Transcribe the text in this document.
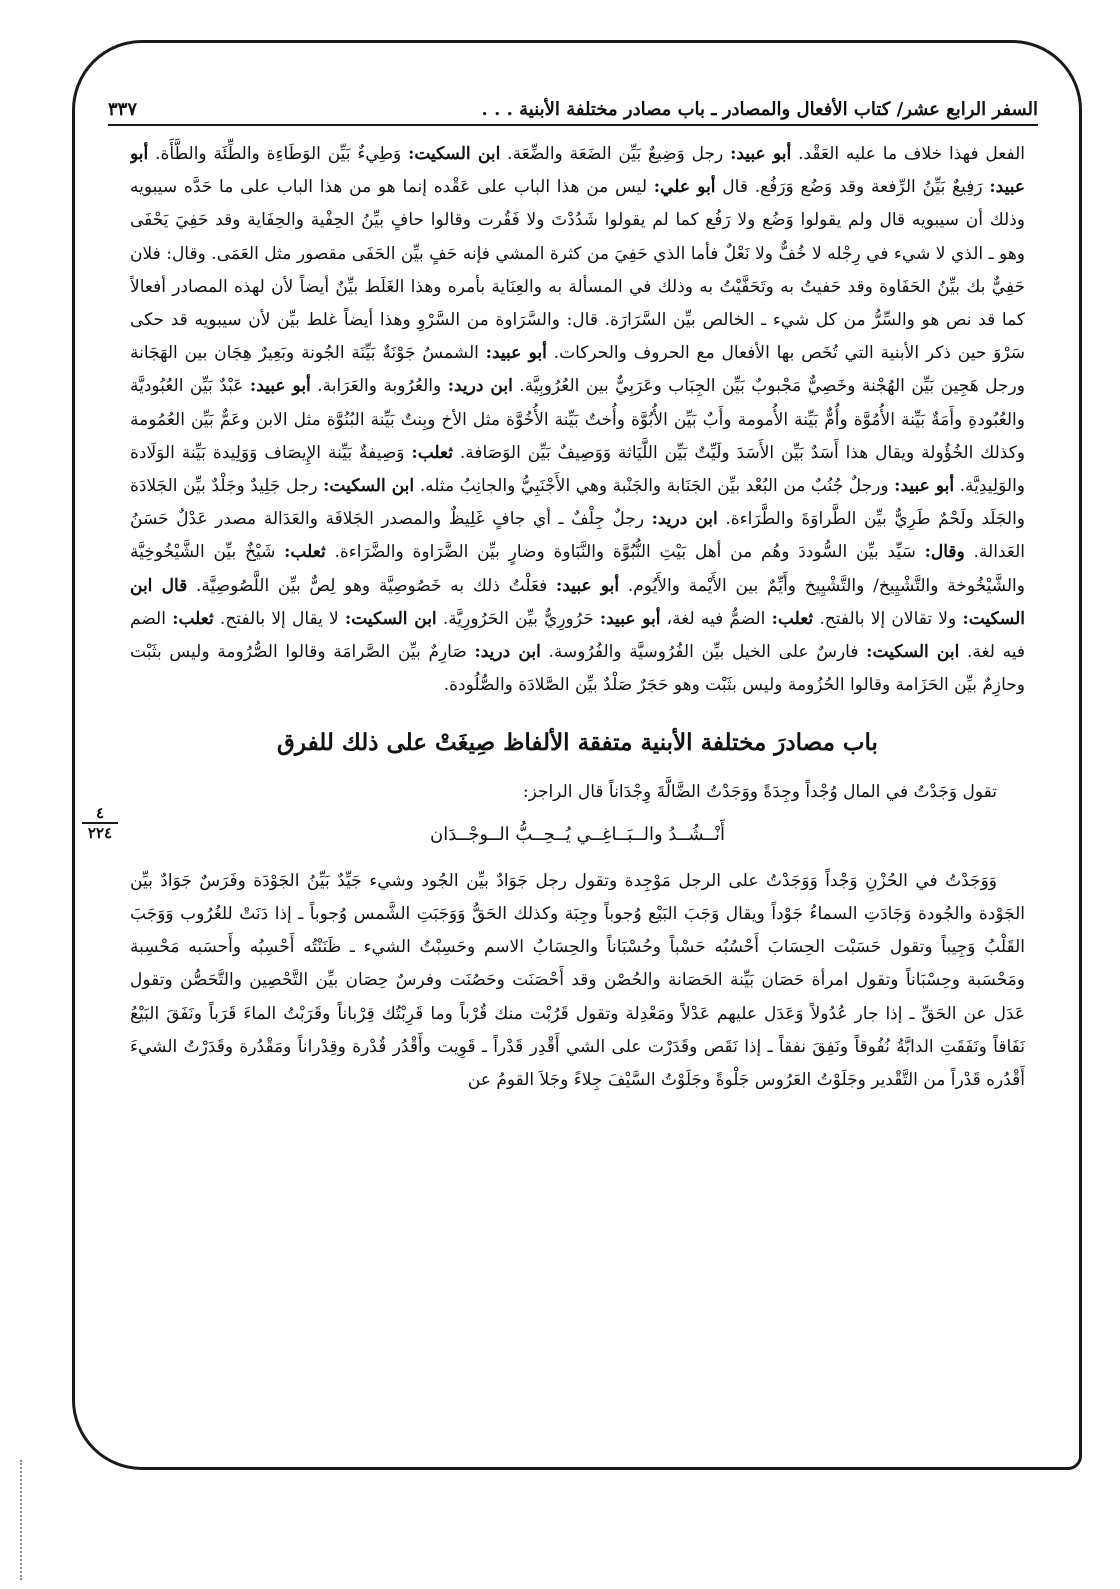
السفر الرابع عشر/ كتاب الأفعال والمصادر ـ باب مصادر مختلفة الأبنية . . .
٣٣٧
٤
٢٢٤

الفعل فهذا خلاف ما عليه العَقْد. أبو عبيد: رجل وَضِيعٌ بَيِّن الضَعَة والضِّعَة. ابن السكيت: وَطِيءٌ بَيِّن الوَطَاءِة والطِّئَة والطَّأَة. أبو عبيد: رَفِيعٌ بَيِّنُ الرِّفعة وقد وَضُع وَرَفُع. قال أبو علي: ليس من هذا الباب على عَقْده إنما هو من هذا الباب على ما حَدَّه سيبويه وذلك أن سيبويه قال ولم يقولوا وَضُع ولا رَفُع كما لم يقولوا شَدُدْتَ ولا فَقُرت وقالوا حافٍ بيِّنُ الحِفْية والحِفَاية وقد حَفِيَ يَحْفَى وهو ـ الذي لا شيء في رِجْله لا خُفٌّ ولا نَعْلٌ فأما الذي حَفِيَ من كثرة المشي فإنه حَفٍ بيِّن الحَفَى مقصور مثل العَمَى. وقال: فلان حَفِيٌّ بك بيِّنُ الحَفَاوة وقد حَفيتُ به وتَحَفَّيْتُ به وذلك في المسألة به والعِنَاية بأمره وهذا الغَلَط بيِّنٌ أيضاً لأن لهذه المصادر أفعالاً كما قد نص هو والسِّرُّ من كل شيء ـ الخالص بيِّن السَّرَارَة. قال: والسَّرَاوة من السَّرْوِ وهذا أيضاً غلط بيِّن لأن سيبويه قد حكى سَرْوَ حين ذكر الأبنية التي تُخَص بها الأفعال مع الحروف والحركات. أبو عبيد: الشمسُ جَوْنَةٌ بَيِّنَة الجُونة وبَعِيرٌ هِجَان بين الهَجَانة ورجل هَجِين بَيِّن الهُجْنة وخَصِيٌّ مَجْبوبٌ بَيِّن الجِبَاب وعَرَبِيٌّ بين العُرُوبِيَّة. ابن دريد: والعُرُوبة والعَرَابة. أبو عبيد: عَبْدٌ بَيِّن العُبُوديَّة والعُبُودةِ وأَمَةٌ بَيِّنة الأُمُوَّة وأُمٌّ بَيِّنة الأُمومة وأَبٌ بَيِّن الأُبُوَّة وأُختٌ بَيِّنة الأُخُوَّة مثل الأخ وبِنتٌ بَيِّنة البُنُوَّة مثل الابن وعَمٌّ بَيِّن العُمُومة وكذلك الخُؤُولة ويقال هذا أَسَدٌ بَيِّن الأَسَدَ ولَيِّتٌ بَيِّن اللَّيَاثة وَوَصِيفٌ بَيِّن الوَصَافة. ثعلب: وَصِيفةٌ بَيِّنة الإِيصَاف وَوَلِيدة بَيِّنة الوَلَادة والوَلِيدِيَّة. أبو عبيد: ورجلٌ جُنُبٌ من البُعْد بيِّن الجَنَابة والجَنْبة وهي الأَجْنَبِيُّ والجانِبُ مثله. ابن السكيت: رجل جَلِيدٌ وجَلْدٌ بيِّن الجَلادَة والجَلَد ولَحْمٌ طَرِيٌّ بيِّن الطَّراوَةَ والطَّرَاءة. ابن دريد: رجلٌ جِلْفٌ ـ أي جافٍ غَلِيظٌ والمصدر الجَلافَة والعَدَالة مصدر عَدْلٌ حَسَنُ العَدالة. وقال: سَيِّد بيِّن السُّوددَ وهُم من أهل بَيْتِ النُّبُوَّة والنَّبَاوة وضارٍ بيِّن الضَّرَاوة والضَّرَاءة. ثعلب: شَيْخٌ بيِّن الشَّيْخُوخِيَّة والشَّيْخُوخة والتَّشْيِيخ/ والتَّشْيِيخ وأَيِّمٌ بين الأَيْمة والأَيُوم. أبو عبيد: فعَلْتُ ذلك به خَصُوصِيَّة وهو لِصٌّ بيِّن اللَّصُوصِيَّة. قال ابن السكيت: ولا تقالان إلا بالفتح. ثعلب: الضمُّ فيه لغة، أبو عبيد: حَرُورِيٌّ بيِّن الحَرُورِيَّة. ابن السكيت: لا يقال إلا بالفتح. ثعلب: الضم فيه لغة. ابن السكيت: فارسٌ على الخيل بيِّن الفُرُوسيَّة والفُرُوسة. ابن دريد: صَارِمٌ بيِّن الصَّرامَة وقالوا الصُّرُومة وليس بثَبْت وحازِمٌ بيِّن الحَزَامة وقالوا الحُزُومة وليس بثَبْت وهو حَجَرٌ صَلْدٌ بيِّن الصَّلادَة والصُّلُودة.

باب مصادرَ مختلفة الأبنية متفقة الألفاظ صِيغَتْ على ذلك للفرق

تقول وَجَدْتُ في المال وُجْداً وجِدَةً ووَجَدْتُ الضَّالَّةَ وِجْدَاناً قال الراجز:

أَنْــشُــدُ والــبَــاغِــي يُــحِــبُّ الــوجْــدَان

وَوَجَدْتُ في الحُزْنِ وَجْداً وَوَجَدْتُ على الرجل مَوْجِدة وتقول رجل جَوَادٌ بيِّن الجُود وشيء جَيِّدٌ بَيِّنُ الجَوْدَة وفَرَسٌ جَوَادٌ بيِّن الجَوْدة والجُودة وَجَادَتِ السماءُ جَوْداً ويقال وَجَبَ البَيْع وُجوباً وجِبَة وكذلك الحَقُّ وَوَجَبَتِ الشَّمس وُجوباً ـ إذا دَنَتْ للغُرُوب وَوَجَبَ القَلْبُ وَجِيباً وتقول حَسَبْت الحِسَابَ أَحْسُبُه حَسْباً وحُسْبَاناً والحِسَابُ الاسم وحَسِبْتُ الشيء ـ ظَنَنْتُه أَحْسِبُه وأَحسَبه مَحْسِبة ومَحْسَبة وحِسْبَاناً وتقول امرأة حَصَان بَيِّنة الحَصَانة والحُصْن وقد أَحْصَنَت وحَصُنَت وفرسٌ حِصَان بيِّن التَّحْصِين والتَّحَصُّن وتقول عَدَل عن الحَقِّ ـ إذا جار عُدُولاً وَعَدَل عليهم عَدْلاً ومَعْدِلة وتقول قَرُبْت منك قُرْباً وما قَرِبْتُك قِرْباناً وقَرَبْتُ الماءَ قَرَباً ونَفَقَ البَيْعُ نَفَاقاً ونَفَقَتِ الدابَّةُ نُفُوقاً ونَفِقَ نفقاً ـ إذا نَقَص وقَدَرْت على الشي أَقْدِر قَدْراً ـ قَوِيت وأَقْدُر قُدْرة وقِدْراناً ومَقْدُرة وقَدَرْتُ الشيءَ أَقْدُره قَدْراً من التَّقْدير وجَلَوْتُ العَرُوس جَلْوةً وجَلَوْتُ السَّيْفَ جِلاءً وجَلاَ القومُ عن
